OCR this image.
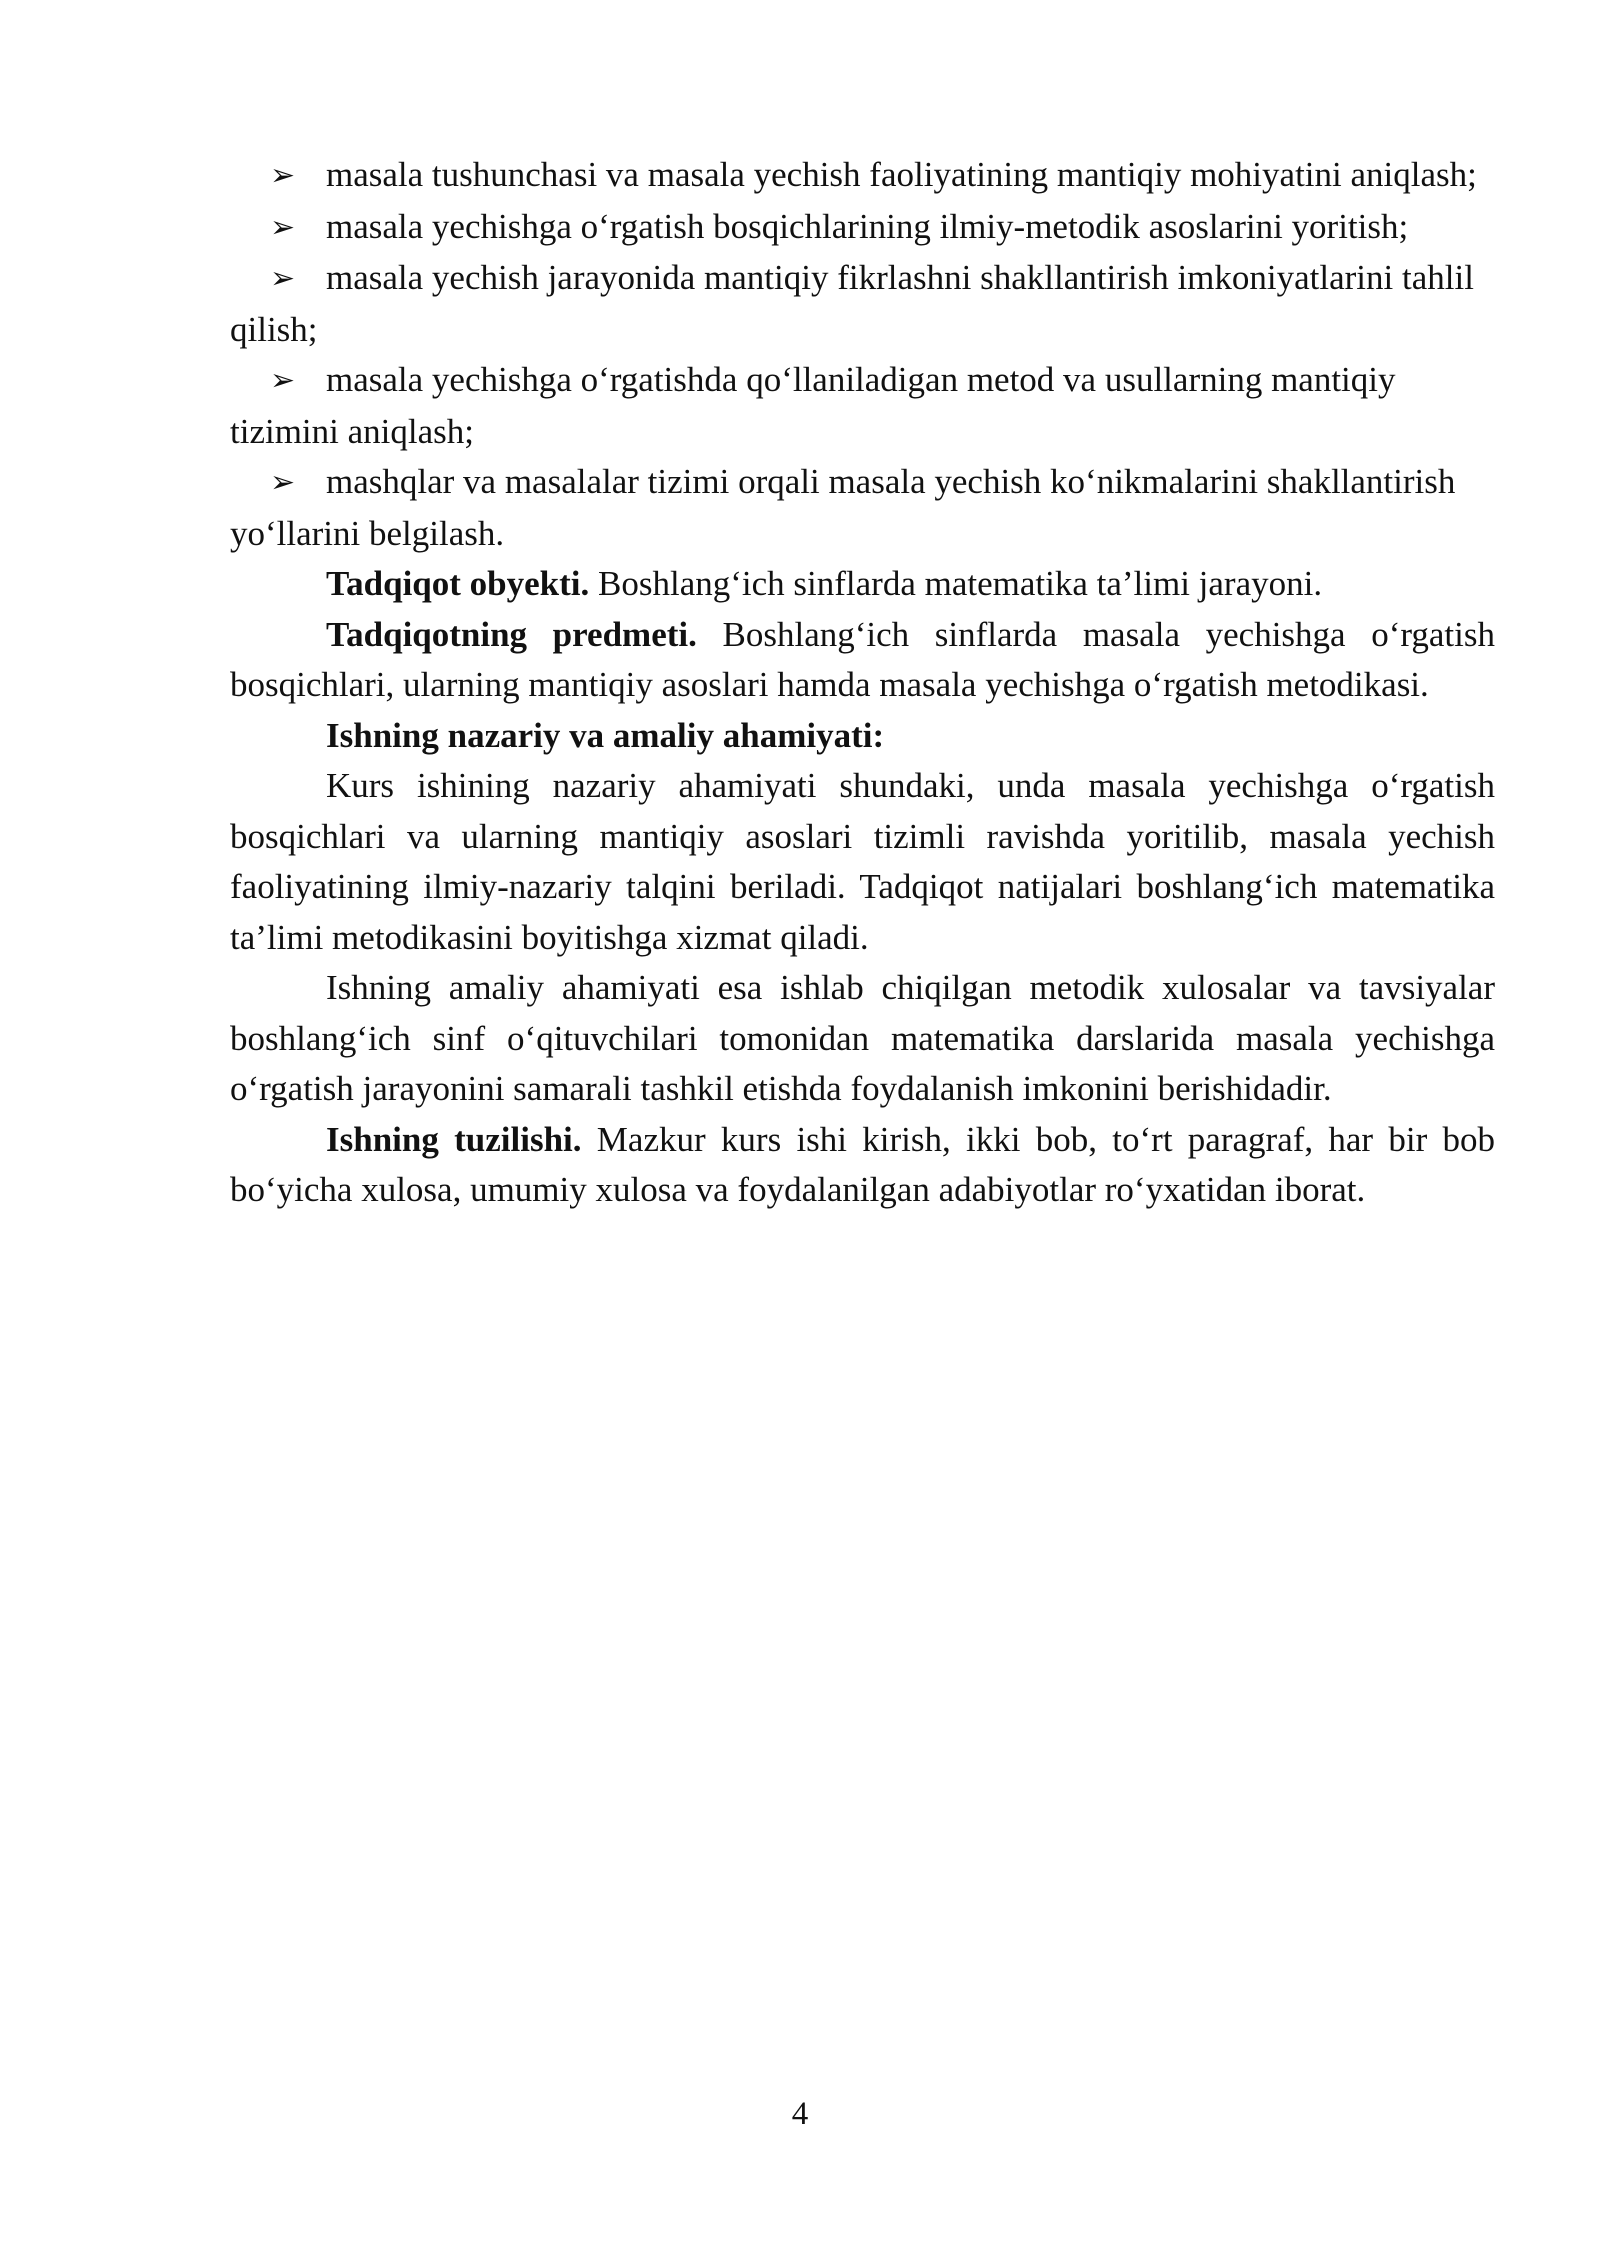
➢ masala tushunchasi va masala yechish faoliyatining mantiqiy mohiyatini aniqlash;

➢ masala yechishga o‘rgatish bosqichlarining ilmiy-metodik asoslarini yoritish;

➢ masala yechish jarayonida mantiqiy fikrlashni shakllantirish imkoniyatlarini tahlil qilish;

➢ masala yechishga o‘rgatishda qo‘llaniladigan metod va usullarning mantiqiy tizimini aniqlash;

➢ mashqlar va masalalar tizimi orqali masala yechish ko‘nikmalarini shakllantirish yo‘llarini belgilash.

Tadqiqot obyekti. Boshlang‘ich sinflarda matematika ta’limi jarayoni.

Tadqiqotning predmeti. Boshlang‘ich sinflarda masala yechishga o‘rgatish bosqichlari, ularning mantiqiy asoslari hamda masala yechishga o‘rgatish metodikasi.

Ishning nazariy va amaliy ahamiyati:

Kurs ishining nazariy ahamiyati shundaki, unda masala yechishga o‘rgatish bosqichlari va ularning mantiqiy asoslari tizimli ravishda yoritilib, masala yechish faoliyatining ilmiy-nazariy talqini beriladi. Tadqiqot natijalari boshlang‘ich matematika ta’limi metodikasini boyitishga xizmat qiladi.

Ishning amaliy ahamiyati esa ishlab chiqilgan metodik xulosalar va tavsiyalar boshlang‘ich sinf o‘qituvchilari tomonidan matematika darslarida masala yechishga o‘rgatish jarayonini samarali tashkil etishda foydalanish imkonini berishidadir.

Ishning tuzilishi. Mazkur kurs ishi kirish, ikki bob, to‘rt paragraf, har bir bob bo‘yicha xulosa, umumiy xulosa va foydalanilgan adabiyotlar ro‘yxatidan iborat.

4
